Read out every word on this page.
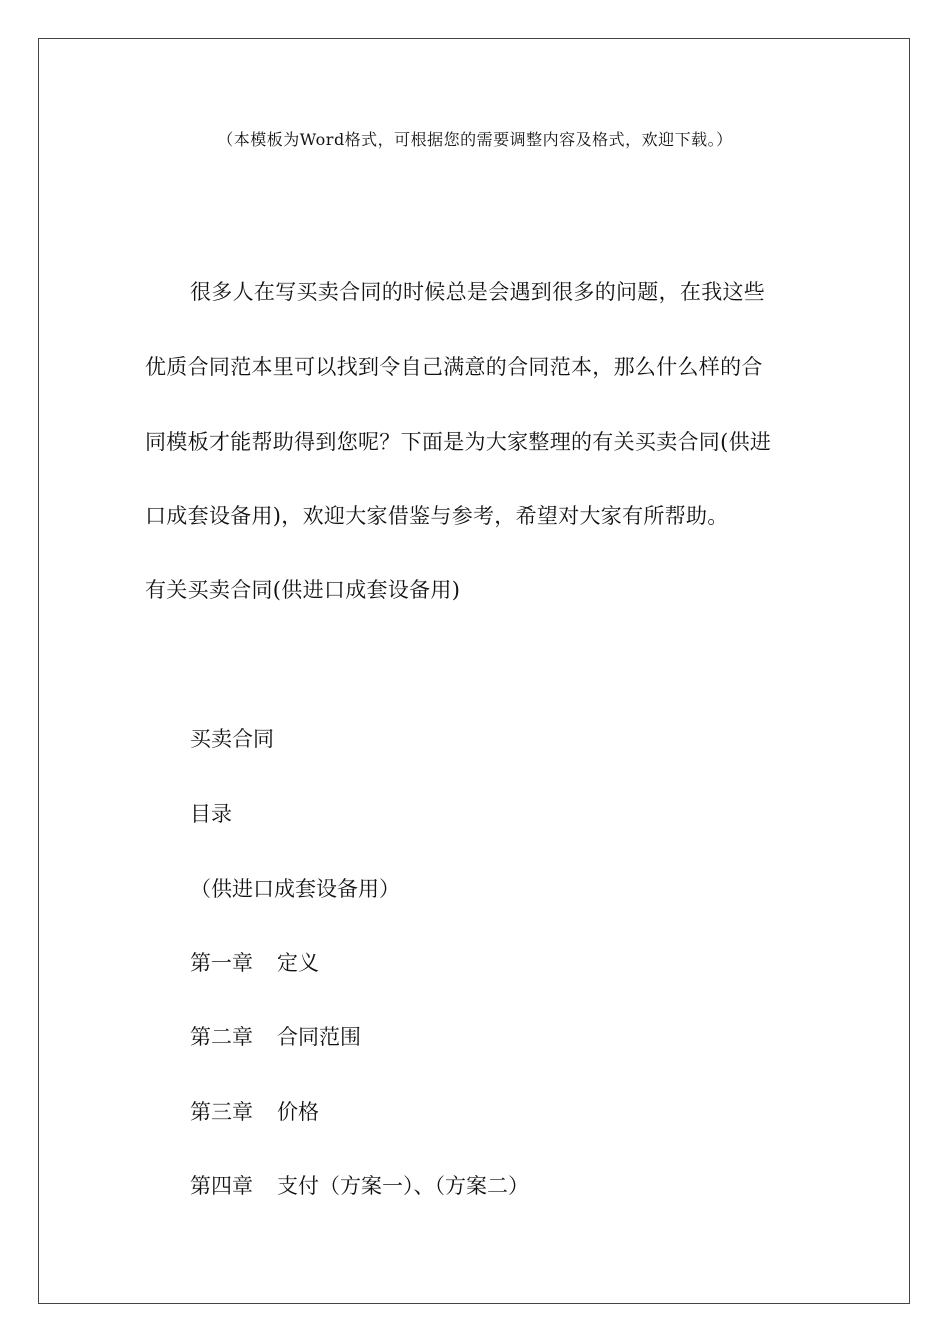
（本模板为Word格式，可根据您的需要调整内容及格式，欢迎下载。）
很多人在写买卖合同的时候总是会遇到很多的问题，在我这些
优质合同范本里可以找到令自己满意的合同范本，那么什么样的合
同模板才能帮助得到您呢？下面是为大家整理的有关买卖合同(供进
口成套设备用)，欢迎大家借鉴与参考，希望对大家有所帮助。
有关买卖合同(供进口成套设备用)
买卖合同
目录
（供进口成套设备用）
第一章 定义
第二章 合同范围
第三章 价格
第四章 支付（方案一）、（方案二）
